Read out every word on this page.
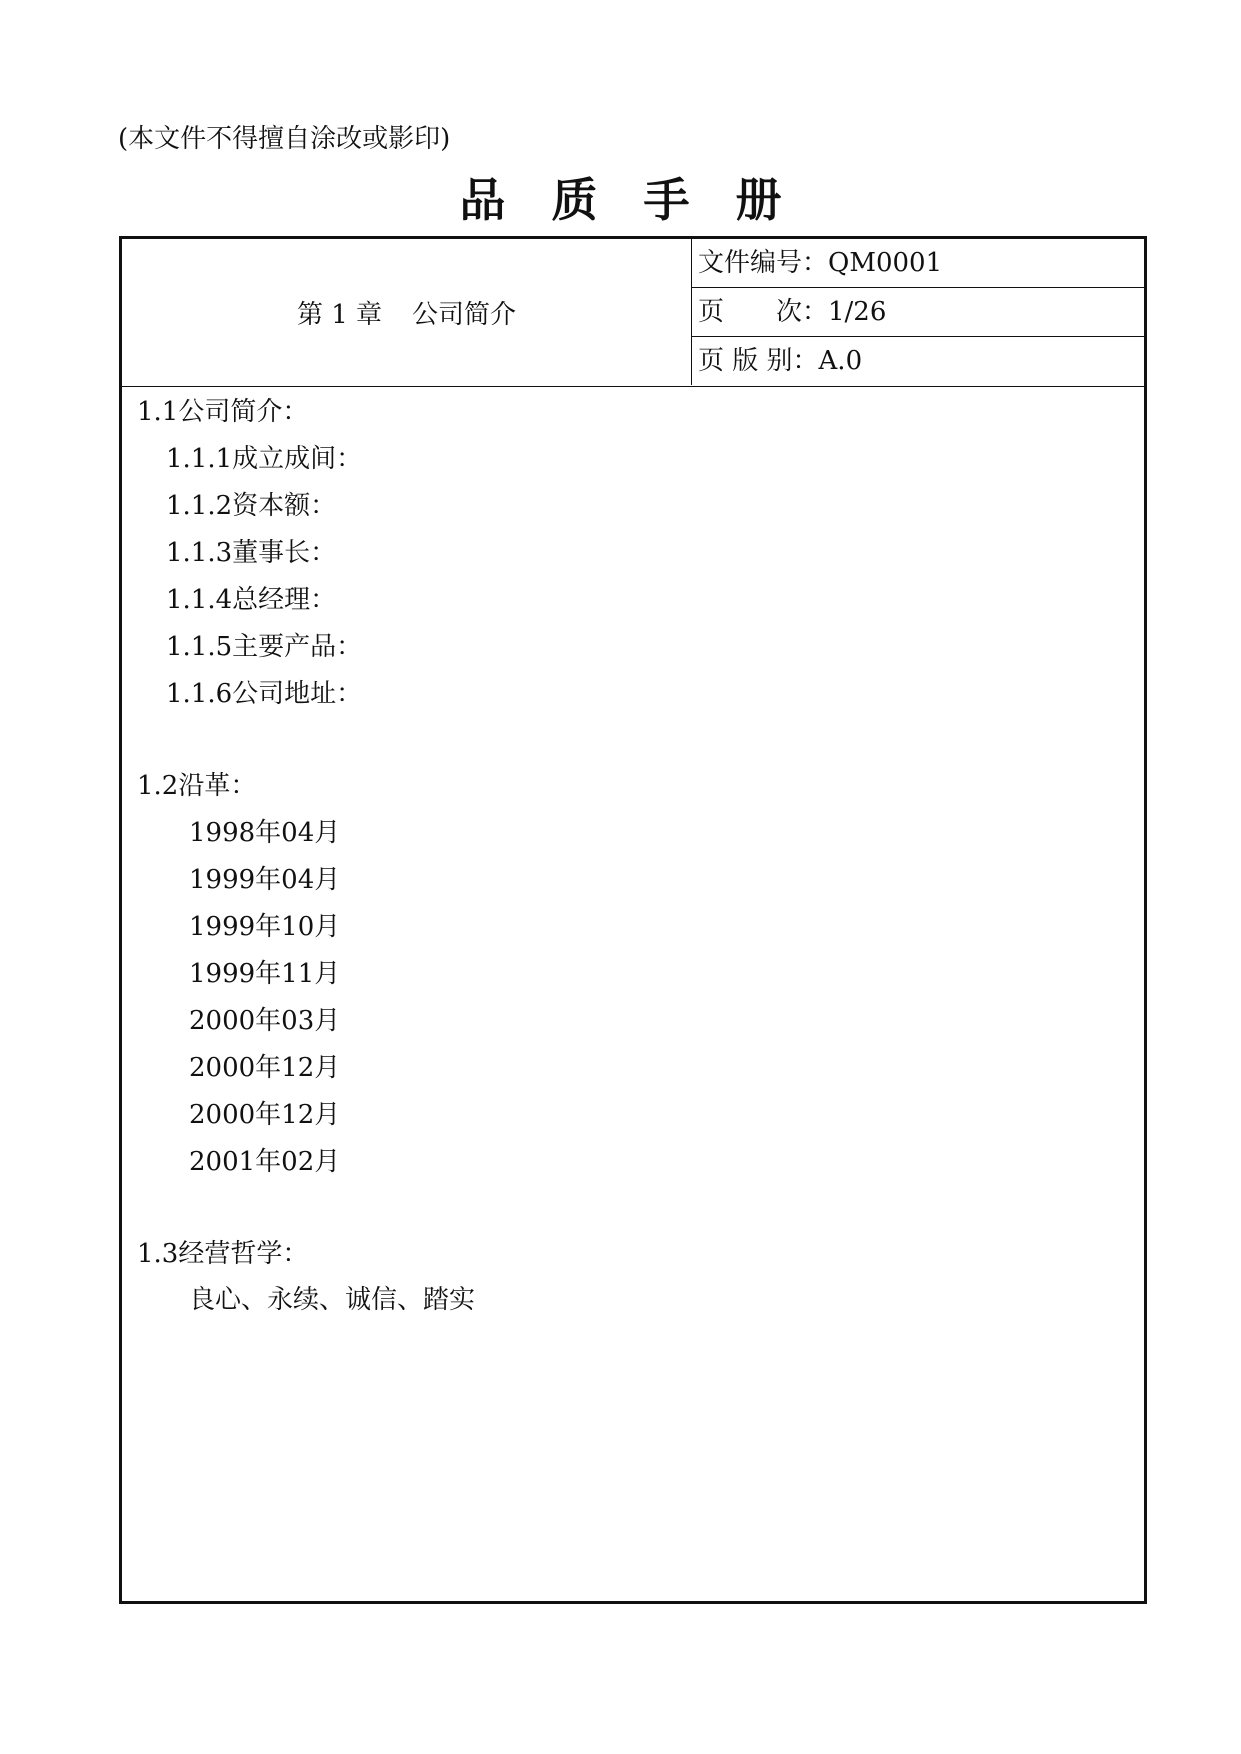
(本文件不得擅自涂改或影印)
品质手册
第 1 章 公司简介
文件编号：QM0001
页　　次：1/26
页 版 别：A.0
1.1公司简介：
1.1.1成立成间：
1.1.2资本额：
1.1.3董事长：
1.1.4总经理：
1.1.5主要产品：
1.1.6公司地址：
1.2沿革：
1998年04月
1999年04月
1999年10月
1999年11月
2000年03月
2000年12月
2000年12月
2001年02月
1.3经营哲学：
良心、永续、诚信、踏实
